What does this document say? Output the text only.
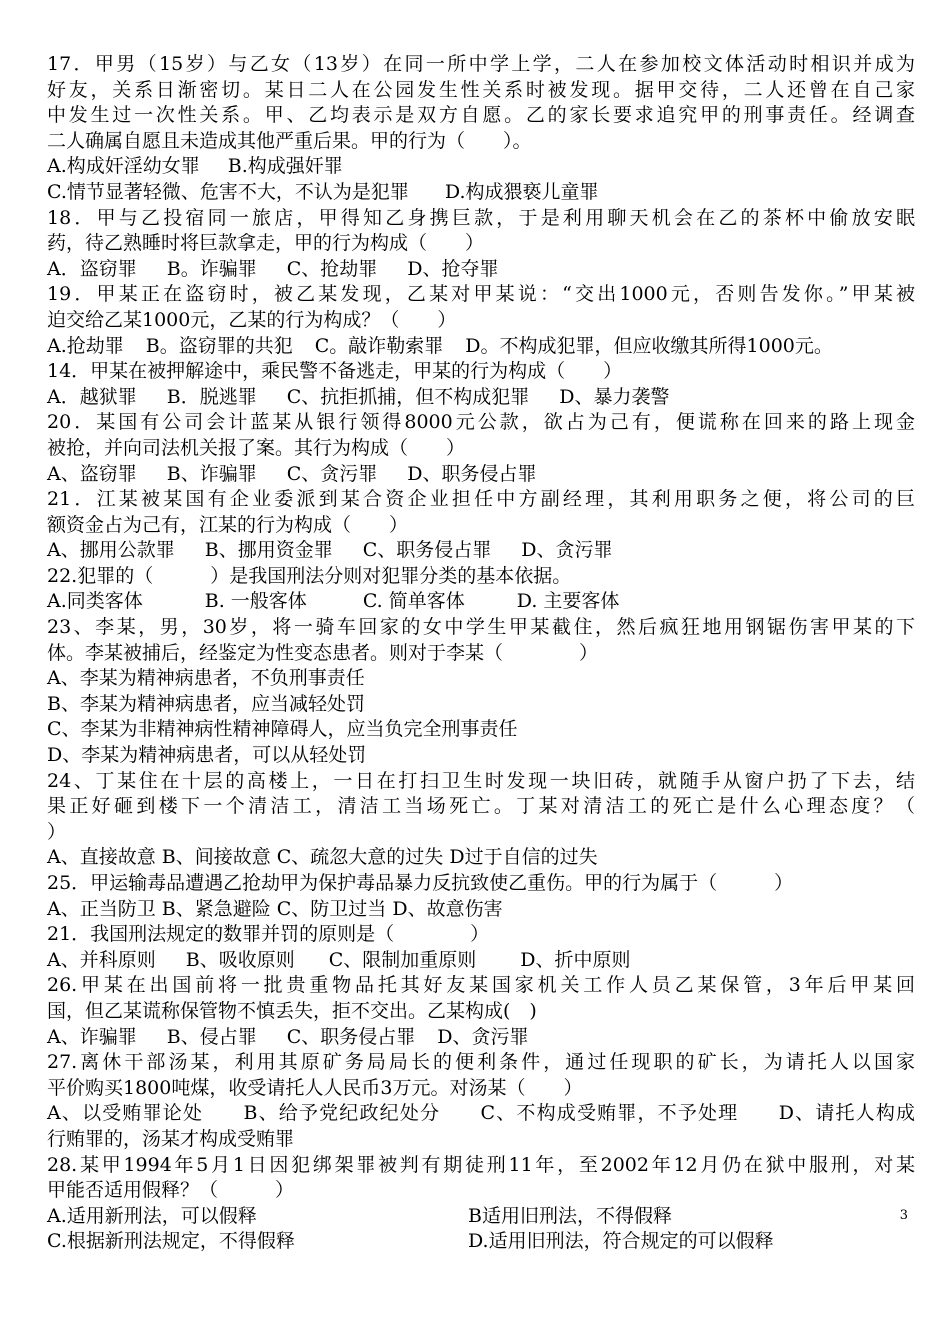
17．甲男（15岁）与乙女（13岁）在同一所中学上学，二人在参加校文体活动时相识并成为
好友，关系日渐密切。某日二人在公园发生性关系时被发现。据甲交待，二人还曾在自己家
中发生过一次性关系。甲、乙均表示是双方自愿。乙的家长要求追究甲的刑事责任。经调查
二人确属自愿且未造成其他严重后果。甲的行为（　　）。
A.构成奸淫幼女罪 B.构成强奸罪
C.情节显著轻微、危害不大，不认为是犯罪 D.构成猥亵儿童罪
18．甲与乙投宿同一旅店，甲得知乙身携巨款，于是利用聊天机会在乙的茶杯中偷放安眠
药，待乙熟睡时将巨款拿走，甲的行为构成（　　）
A．盗窃罪 B。诈骗罪 C、抢劫罪 D、抢夺罪
19．甲某正在盗窃时，被乙某发现，乙某对甲某说：“交出1000元，否则告发你。”甲某被
迫交给乙某1000元，乙某的行为构成？（　　）
A.抢劫罪 B。盗窃罪的共犯 C。敲诈勒索罪 D。不构成犯罪，但应收缴其所得1000元。
14．甲某在被押解途中，乘民警不备逃走，甲某的行为构成（　　）
A．越狱罪 B．脱逃罪 C、抗拒抓捕，但不构成犯罪 D、暴力袭警
20．某国有公司会计蓝某从银行领得8000元公款，欲占为己有，便谎称在回来的路上现金
被抢，并向司法机关报了案。其行为构成（　　）
A、盗窃罪 B、诈骗罪 C、贪污罪 D、职务侵占罪
21．江某被某国有企业委派到某合资企业担任中方副经理，其利用职务之便，将公司的巨
额资金占为己有，江某的行为构成（　　）
A、挪用公款罪 B、挪用资金罪 C、职务侵占罪 D、贪污罪
22.犯罪的（　　　）是我国刑法分则对犯罪分类的基本依据。
A.同类客体	B. 一般客体	C. 简单客体	D. 主要客体
23、李某，男，30岁，将一骑车回家的女中学生甲某截住，然后疯狂地用钢锯伤害甲某的下
体。李某被捕后，经鉴定为性变态患者。则对于李某（　　　　）
A、李某为精神病患者，不负刑事责任
B、李某为精神病患者，应当减轻处罚
C、李某为非精神病性精神障碍人，应当负完全刑事责任
D、李某为精神病患者，可以从轻处罚
24、丁某住在十层的高楼上，一日在打扫卫生时发现一块旧砖，就随手从窗户扔了下去，结
果正好砸到楼下一个清洁工，清洁工当场死亡。丁某对清洁工的死亡是什么心理态度？（
）
A、直接故意 B、间接故意 C、疏忽大意的过失 D过于自信的过失
25．甲运输毒品遭遇乙抢劫甲为保护毒品暴力反抗致使乙重伤。甲的行为属于（　　　）
A、正当防卫 B、紧急避险 C、防卫过当 D、故意伤害
21．我国刑法规定的数罪并罚的原则是（　　　　）
A、并科原则 B、吸收原则 C、限制加重原则 D、折中原则
26.甲某在出国前将一批贵重物品托其好友某国家机关工作人员乙某保管，3年后甲某回
国，但乙某谎称保管物不慎丢失，拒不交出。乙某构成(　)
A、诈骗罪 B、侵占罪 C、职务侵占罪 D、贪污罪
27.离休干部汤某，利用其原矿务局局长的便利条件，通过任现职的矿长，为请托人以国家
平价购买1800吨煤，收受请托人人民币3万元。对汤某（　　）
A、以受贿罪论处　　B、给予党纪政纪处分　　C、不构成受贿罪，不予处理　　D、请托人构成
行贿罪的，汤某才构成受贿罪
28.某甲1994年5月1日因犯绑架罪被判有期徒刑11年，至2002年12月仍在狱中服刑，对某
甲能否适用假释？（　　　）
A.适用新刑法，可以假释	B适用旧刑法，不得假释
C.根据新刑法规定，不得假释	D.适用旧刑法，符合规定的可以假释
3
